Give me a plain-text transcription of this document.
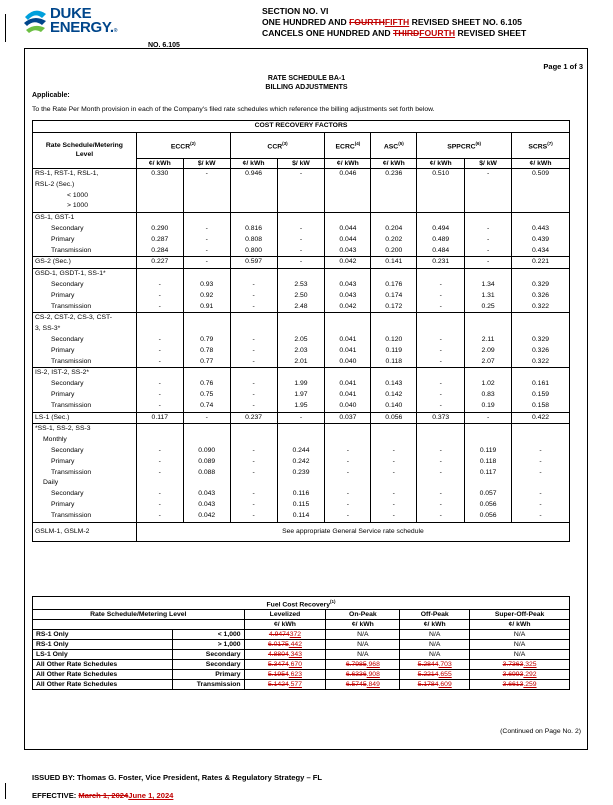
DUKE
ENERGY.®
SECTION NO. VI
ONE HUNDRED AND FOURTHFIFTH REVISED SHEET NO. 6.105
CANCELS ONE HUNDRED AND THIRDFOURTH REVISED SHEET
NO. 6.105
Page 1 of 3
RATE SCHEDULE BA-1
BILLING ADJUSTMENTS
Applicable:
To the Rate Per Month provision in each of the Company's filed rate schedules which reference the billing adjustments set forth below.
COST RECOVERY FACTORS									
Rate Schedule/Metering Level	ECCR$^{(2)}$		CCR$^{(3)}$		ECRC$^{(4)}$	ASC$^{(5)}$	SPPCRC$^{(6)}$		SCRS$^{(7)}$
	¢/ kWh	$/ kW	¢/ kWh	$/ kW	¢/ kWh	¢/ kWh	¢/ kWh	$/ kW	¢/ kWh
RS-1, RST-1, RSL-1,	0.330	-	0.946	-	0.046	0.236	0.510	-	0.509
RSL-2 (Sec.)									
< 1000									
> 1000									
GS-1, GST-1									
Secondary	0.290	-	0.816	-	0.044	0.204	0.494	-	0.443
Primary	0.287	-	0.808	-	0.044	0.202	0.489	-	0.439
Transmission	0.284	-	0.800	-	0.043	0.200	0.484	-	0.434
GS-2 (Sec.)	0.227	-	0.597	-	0.042	0.141	0.231	-	0.221
GSD-1, GSDT-1, SS-1*									
Secondary	-	0.93	-	2.53	0.043	0.176	-	1.34	0.329
Primary	-	0.92	-	2.50	0.043	0.174	-	1.31	0.326
Transmission	-	0.91	-	2.48	0.042	0.172	-	0.25	0.322
CS-2, CST-2, CS-3, CST-									
3, SS-3*									
Secondary	-	0.79	-	2.05	0.041	0.120	-	2.11	0.329
Primary	-	0.78	-	2.03	0.041	0.119	-	2.09	0.326
Transmission	-	0.77	-	2.01	0.040	0.118	-	2.07	0.322
IS-2, IST-2, SS-2*									
Secondary	-	0.76	-	1.99	0.041	0.143	-	1.02	0.161
Primary	-	0.75	-	1.97	0.041	0.142	-	0.83	0.159
Transmission	-	0.74	-	1.95	0.040	0.140	-	0.19	0.158
LS-1 (Sec.)	0.117	-	0.237	-	0.037	0.056	0.373	-	0.422
*SS-1, SS-2, SS-3									
Monthly									
Secondary	-	0.090	-	0.244	-	-	-	0.119	-
Primary	-	0.089	-	0.242	-	-	-	0.118	-
Transmission	-	0.088	-	0.239	-	-	-	0.117	-
Daily									
Secondary	-	0.043	-	0.116	-	-	-	0.057	-
Primary	-	0.043	-	0.115	-	-	-	0.056	-
Transmission	-	0.042	-	0.114	-	-	-	0.056	-
GSLM-1, GSLM-2	See appropriate General Service rate schedule								
Fuel Cost Recovery$^{(1)}$
Rate Schedule/Metering Level		Levelized	On-Peak	Off-Peak	Super-Off-Peak
		¢/ kWh	¢/ kWh	¢/ kWh	¢/ kWh
RS-1 Only	< 1,000	4.9474372	N/A	N/A	N/A
RS-1 Only	> 1,000	6.0175.442	N/A	N/A	N/A
LS-1 Only	Secondary	4.8804.343	N/A	N/A	N/A
All Other Rate Schedules	Secondary	5.3474.670	6.7985.968	5.2844.703	3.7363.325
All Other Rate Schedules	Primary	5.1954.623	6.6336.908	5.2214.655	3.6993.292
All Other Rate Schedules	Transmission	5.1424.577	6.5745.849	5.1784.609	3.6613.259
(Continued on Page No. 2)
ISSUED BY: Thomas G. Foster, Vice President, Rates & Regulatory Strategy – FL
EFFECTIVE: March 1, 2024June 1, 2024
